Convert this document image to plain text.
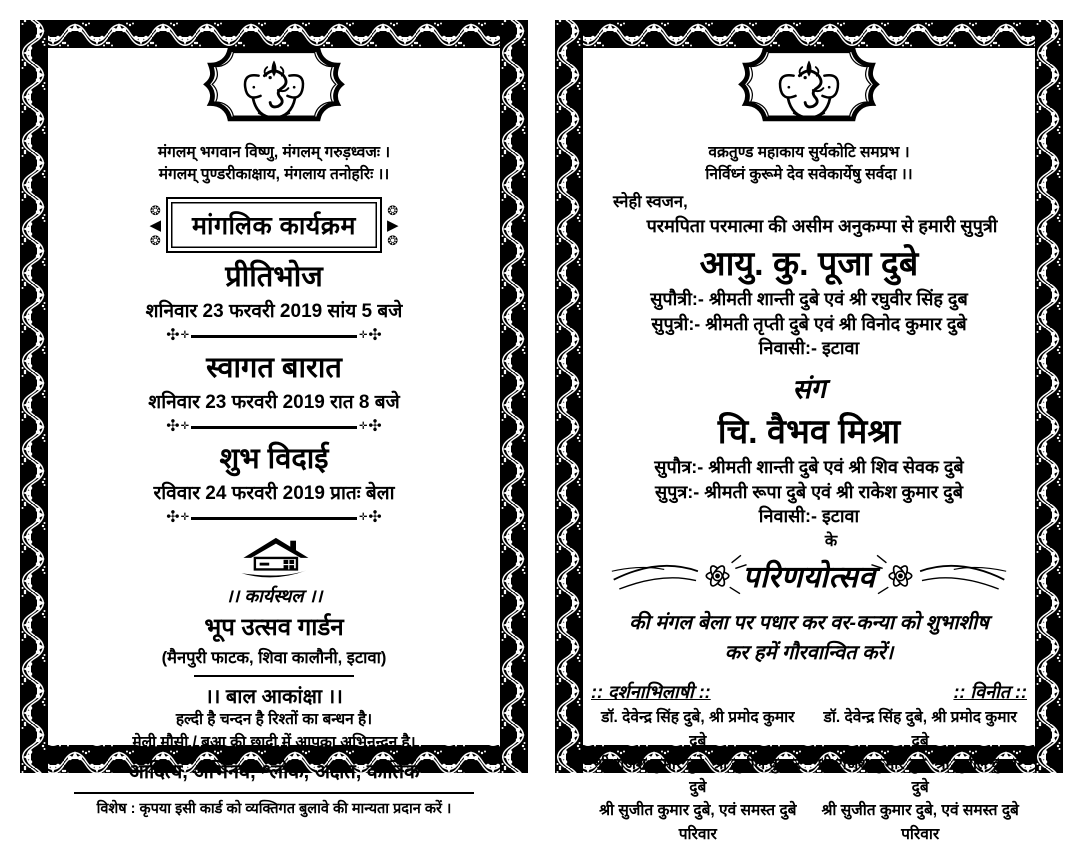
मंगलम् भगवान विष्णु, मंगलम् गरुड़ध्वजः ।
मंगलम् पुण्डरीकाक्षाय, मंगलाय तनोहरिः ।।
❂
◀
❂	मांगलिक कार्यक्रम
❂
▶
❂
प्रीतिभोज
शनिवार 23 फरवरी 2019 सांय 5 बजे
✣ ✛	✛ ✣
स्वागत बारात
शनिवार 23 फरवरी 2019 रात 8 बजे
✣ ✛	✛ ✣
शुभ विदाई
रविवार 24 फरवरी 2019 प्रातः बेला
✣ ✛	✛ ✣
।। कार्यस्थल ।।
भूप उत्सव गार्डन
(मैनपुरी फाटक, शिवा कालौनी, इटावा)
।। बाल आकांक्षा ।।
हल्दी है चन्दन है रिश्तों का बन्धन है।
मेली मौसी / बुआ की छादी में आपका अभिनन्दन है।
आदित्य, अभिनव, श्लोक, अक्षत, कार्तिक
विशेष : कृपया इसी कार्ड को व्यक्तिगत बुलावे की मान्यता प्रदान करें ।
वक्रतुण्ड महाकाय सुर्यकोटि समप्रभ ।
निर्विध्नं कुरूमे देव सवेकार्येषु सर्वदा ।।
स्नेही स्वजन,
परमपिता परमात्मा की असीम अनुकम्पा से हमारी सुपुत्री
आयु. कु. पूजा दुबे
सुपौत्री:- श्रीमती शान्ती दुबे एवं श्री रघुवीर सिंह दुब
सुपुत्री:- श्रीमती तृप्ती दुबे एवं श्री विनोद कुमार दुबे
निवासी:- इटावा
संग
चि. वैभव मिश्रा
सुपौत्र:- श्रीमती शान्ती दुबे एवं श्री शिव सेवक दुबे
सुपुत्र:- श्रीमती रूपा दुबे एवं श्री राकेश कुमार दुबे
निवासी:- इटावा
के
परिणयोत्सव
की मंगल बेला पर पधार कर वर-कन्या को शुभाशीष
कर हमें गौरवान्वित करें।
:: दर्शनाभिलाषी ::
डॉ. देवेन्द्र सिंह दुबे, श्री प्रमोद कुमार दुबे
श्री राजेश कुमार दुबे, श्री सुनील कुमार दुबे
श्री सुजीत कुमार दुबे, एवं समस्त दुबे परिवार
:: विनीत ::
डॉ. देवेन्द्र सिंह दुबे, श्री प्रमोद कुमार दुबे
श्री राजेश कुमार दुबे, श्री सुनील कुमार दुबे
श्री सुजीत कुमार दुबे, एवं समस्त दुबे परिवार
